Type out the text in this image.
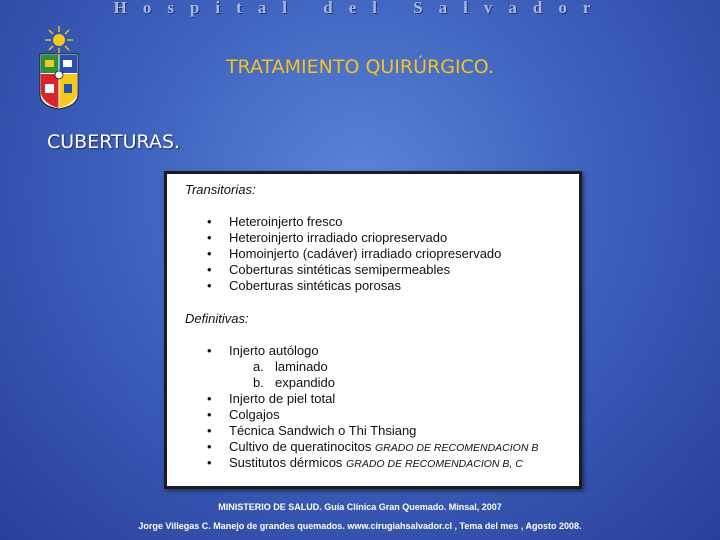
Hospital del Salvador
TRATAMIENTO QUIRÚRGICO.
CUBERTURAS.
Transitorias:
• Heteroinjerto fresco
• Heteroinjerto irradiado criopreservado
• Homoinjerto (cadáver) irradiado criopreservado
• Coberturas sintéticas semipermeables
• Coberturas sintéticas porosas
Definitivas:
• Injerto autólogo
a. laminado
b. expandido
• Injerto de piel total
• Colgajos
• Técnica Sandwich o Thi Thsiang
• Cultivo de queratinocitos GRADO DE RECOMENDACION B
• Sustitutos dérmicos GRADO DE RECOMENDACION B, C
MINISTERIO DE SALUD. Guía Clínica Gran Quemado. Minsal, 2007
Jorge Villegas C. Manejo de grandes quemados. www.cirugiahsalvador.cl , Tema del mes , Agosto 2008.
